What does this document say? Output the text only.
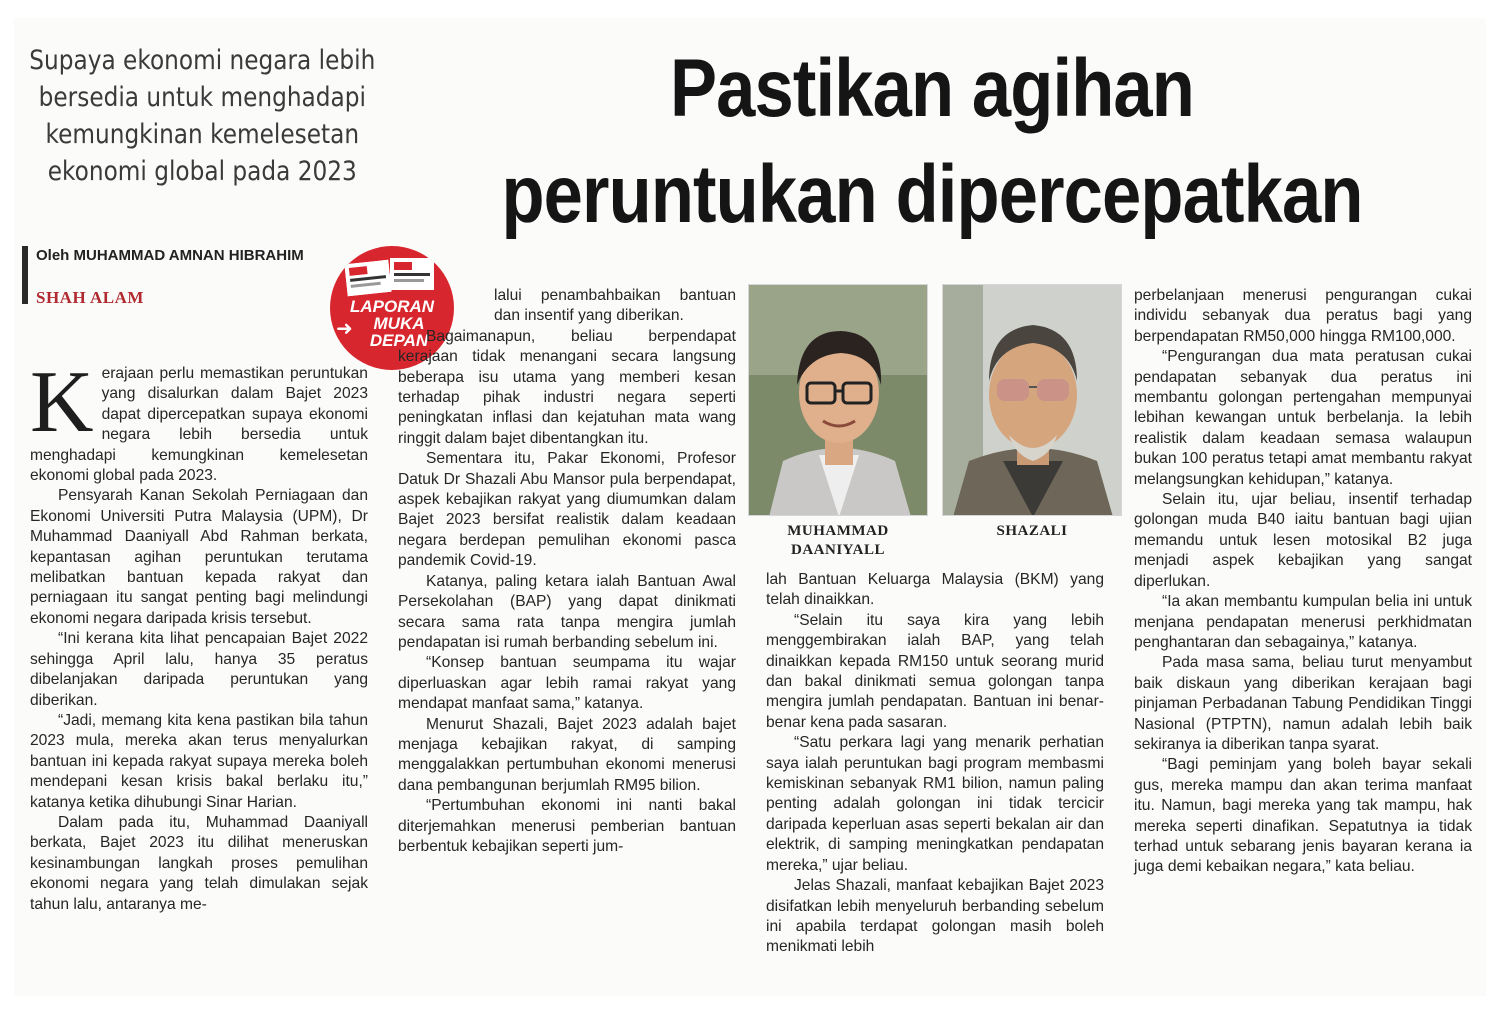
Supaya ekonomi negara lebih bersedia untuk menghadapi kemungkinan kemelesetan ekonomi global pada 2023
Pastikan agihan
peruntukan dipercepatkan
Oleh MUHAMMAD AMNAN HIBRAHIM
SHAH ALAM	LAPORAN
MUKA
DEPAN
➜
K erajaan perlu memastikan peruntukan yang disalurkan dalam Bajet 2023 dapat dipercepatkan supaya ekonomi negara lebih bersedia untuk menghadapi kemungkinan kemelesetan ekonomi global pada 2023.

Pensyarah Kanan Sekolah Perniagaan dan Ekonomi Universiti Putra Malaysia (UPM), Dr Muhammad Daaniyall Abd Rahman berkata, kepantasan agihan peruntukan terutama melibatkan bantuan kepada rakyat dan perniagaan itu sangat penting bagi melindungi ekonomi negara daripada krisis tersebut.

“Ini kerana kita lihat pencapaian Bajet 2022 sehingga April lalu, hanya 35 peratus dibelanjakan daripada peruntukan yang diberikan.

“Jadi, memang kita kena pastikan bila tahun 2023 mula, mereka akan terus menyalurkan bantuan ini kepada rakyat supaya mereka boleh mendepani kesan krisis bakal berlaku itu,” katanya ketika dihubungi Sinar Harian.

Dalam pada itu, Muhammad Daaniyall berkata, Bajet 2023 itu dilihat meneruskan kesinambungan langkah proses pemulihan ekonomi negara yang telah dimulakan sejak tahun lalu, antaranya me-

lalui penambahbaikan bantuan dan insentif yang diberikan.

Bagaimanapun, beliau berpendapat kerajaan tidak menangani secara langsung beberapa isu utama yang memberi kesan terhadap pihak industri negara seperti peningkatan inflasi dan kejatuhan mata wang ringgit dalam bajet dibentangkan itu.

Sementara itu, Pakar Ekonomi, Profesor Datuk Dr Shazali Abu Mansor pula berpendapat, aspek kebajikan rakyat yang diumumkan dalam Bajet 2023 bersifat realistik dalam keadaan negara berdepan pemulihan ekonomi pasca pandemik Covid-19.

Katanya, paling ketara ialah Bantuan Awal Persekolahan (BAP) yang dapat dinikmati secara sama rata tanpa mengira jumlah pendapatan isi rumah berbanding sebelum ini.

“Konsep bantuan seumpama itu wajar diperluaskan agar lebih ramai rakyat yang mendapat manfaat sama,” katanya.

Menurut Shazali, Bajet 2023 adalah bajet menjaga kebajikan rakyat, di samping menggalakkan pertumbuhan ekonomi menerusi dana pembangunan berjumlah RM95 bilion.

“Pertumbuhan ekonomi ini nanti bakal diterjemahkan menerusi pemberian bantuan berbentuk kebajikan seperti jum-

MUHAMMAD DAANIYALL
SHAZALI

lah Bantuan Keluarga Malaysia (BKM) yang telah dinaikkan.

“Selain itu saya kira yang lebih menggembirakan ialah BAP, yang telah dinaikkan kepada RM150 untuk seorang murid dan bakal dinikmati semua golongan tanpa mengira jumlah pendapatan. Bantuan ini benar-benar kena pada sasaran.

“Satu perkara lagi yang menarik perhatian saya ialah peruntukan bagi program membasmi kemiskinan sebanyak RM1 bilion, namun paling penting adalah golongan ini tidak tercicir daripada keperluan asas seperti bekalan air dan elektrik, di samping meningkatkan pendapatan mereka,” ujar beliau.

Jelas Shazali, manfaat kebajikan Bajet 2023 disifatkan lebih menyeluruh berbanding sebelum ini apabila terdapat golongan masih boleh menikmati lebih

perbelanjaan menerusi pengurangan cukai individu sebanyak dua peratus bagi yang berpendapatan RM50,000 hingga RM100,000.

“Pengurangan dua mata peratusan cukai pendapatan sebanyak dua peratus ini membantu golongan pertengahan mempunyai lebihan kewangan untuk berbelanja. Ia lebih realistik dalam keadaan semasa walaupun bukan 100 peratus tetapi amat membantu rakyat melangsungkan kehidupan,” katanya.

Selain itu, ujar beliau, insentif terhadap golongan muda B40 iaitu bantuan bagi ujian memandu untuk lesen motosikal B2 juga menjadi aspek kebajikan yang sangat diperlukan.

“Ia akan membantu kumpulan belia ini untuk menjana pendapatan menerusi perkhidmatan penghantaran dan sebagainya,” katanya.

Pada masa sama, beliau turut menyambut baik diskaun yang diberikan kerajaan bagi pinjaman Perbadanan Tabung Pendidikan Tinggi Nasional (PTPTN), namun adalah lebih baik sekiranya ia diberikan tanpa syarat.

“Bagi peminjam yang boleh bayar sekali gus, mereka mampu dan akan terima manfaat itu. Namun, bagi mereka yang tak mampu, hak mereka seperti dinafikan. Sepatutnya ia tidak terhad untuk sebarang jenis bayaran kerana ia juga demi kebaikan negara,” kata beliau.
